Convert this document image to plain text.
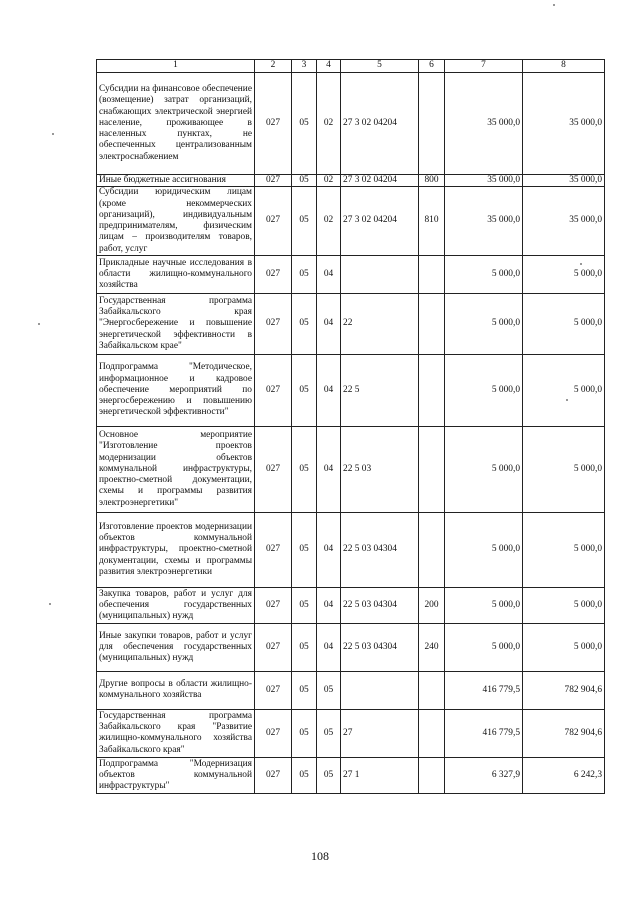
1	2	3	4	5	6	7	8
Субсидии на финансовое обеспечение (возмещение) затрат организаций, снабжающих электрической энергией население, проживающее в населенных пунктах, не обеспеченных централизованным электроснабжением	027	05	02	27 3 02 04204		35 000,0	35 000,0
Иные бюджетные ассигнования	027	05	02	27 3 02 04204	800	35 000,0	35 000,0
Субсидии юридическим лицам (кроме некоммерческих организаций), индивидуальным предпринимателям, физическим лицам – производителям товаров, работ, услуг	027	05	02	27 3 02 04204	810	35 000,0	35 000,0
Прикладные научные исследования в области жилищно-коммунального хозяйства	027	05	04			5 000,0	5 000,0
Государственная программа Забайкальского края "Энергосбережение и повышение энергетической эффективности в Забайкальском крае"	027	05	04	22		5 000,0	5 000,0
Подпрограмма "Методическое, информационное и кадровое обеспечение мероприятий по энергосбережению и повышению энергетической эффективности"	027	05	04	22 5		5 000,0	5 000,0
Основное мероприятие "Изготовление проектов модернизации объектов коммунальной инфраструктуры, проектно-сметной документации, схемы и программы развития электроэнергетики"	027	05	04	22 5 03		5 000,0	5 000,0
Изготовление проектов модернизации объектов коммунальной инфраструктуры, проектно-сметной документации, схемы и программы развития электроэнергетики	027	05	04	22 5 03 04304		5 000,0	5 000,0
Закупка товаров, работ и услуг для обеспечения государственных (муниципальных) нужд	027	05	04	22 5 03 04304	200	5 000,0	5 000,0
Иные закупки товаров, работ и услуг для обеспечения государственных (муниципальных) нужд	027	05	04	22 5 03 04304	240	5 000,0	5 000,0
Другие вопросы в области жилищно-коммунального хозяйства	027	05	05			416 779,5	782 904,6
Государственная программа Забайкальского края "Развитие жилищно-коммунального хозяйства Забайкальского края"	027	05	05	27		416 779,5	782 904,6
Подпрограмма "Модернизация объектов коммунальной инфраструктуры"	027	05	05	27 1		6 327,9	6 242,3
108
